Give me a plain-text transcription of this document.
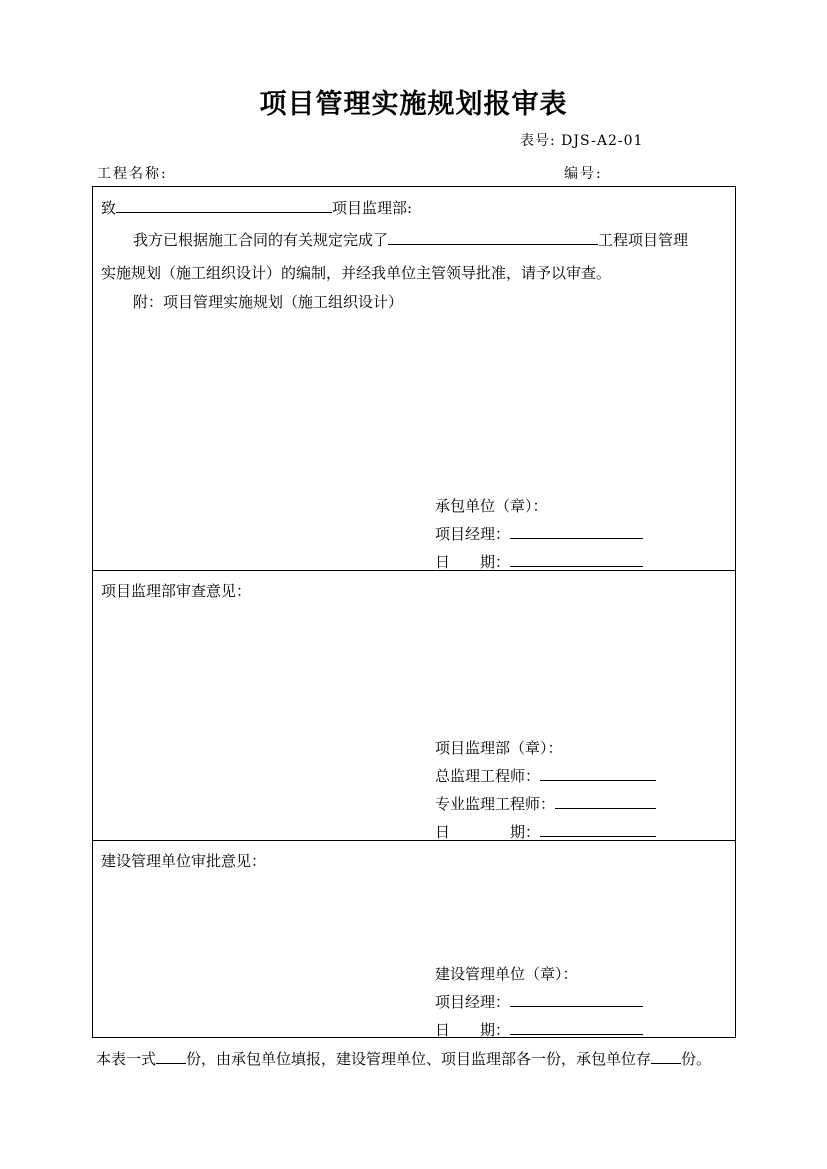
项目管理实施规划报审表
表号: DJS-A2-01
工程名称:	编号:
致	项目监理部:
我方已根据施工合同的有关规定完成了	工程项目管理
实施规划（施工组织设计）的编制，并经我单位主管领导批准，请予以审查。
附：项目管理实施规划（施工组织设计）
承包单位（章）：
项目经理：
日　　期：
项目监理部审查意见：
项目监理部（章）：
总监理工程师：
专业监理工程师：
日　　　　期：
建设管理单位审批意见：
建设管理单位（章）：
项目经理：
日　　期：
本表一式 份，由承包单位填报，建设管理单位、项目监理部各一份，承包单位存 份。
